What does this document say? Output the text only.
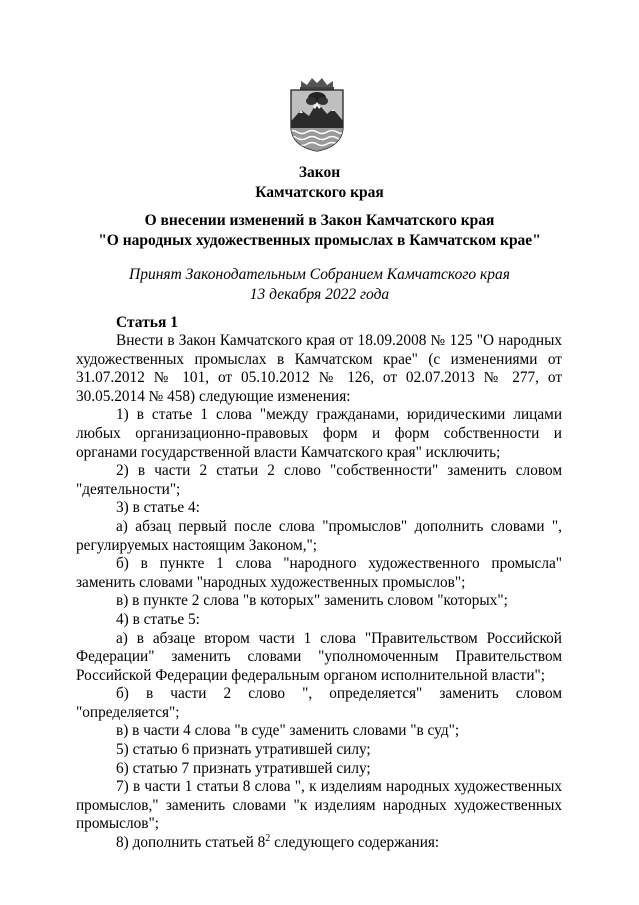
Закон
Камчатского края
О внесении изменений в Закон Камчатского края
"О народных художественных промыслах в Камчатском крае"
Принят Законодательным Собранием Камчатского края
13 декабря 2022 года
Статья 1

Внести в Закон Камчатского края от 18.09.2008 № 125 "О народных художественных промыслах в Камчатском крае" (с изменениями от 31.07.2012 № 101, от 05.10.2012 № 126, от 02.07.2013 № 277, от 30.05.2014 № 458) следующие изменения:

1) в статье 1 слова "между гражданами, юридическими лицами любых организационно-правовых форм и форм собственности и органами государственной власти Камчатского края" исключить;

2) в части 2 статьи 2 слово "собственности" заменить словом "деятельности";

3) в статье 4:

а) абзац первый после слова "промыслов" дополнить словами ", регулируемых настоящим Законом,";

б) в пункте 1 слова "народного художественного промысла" заменить словами "народных художественных промыслов";

в) в пункте 2 слова "в которых" заменить словом "которых";

4) в статье 5:

а) в абзаце втором части 1 слова "Правительством Российской Федерации" заменить словами "уполномоченным Правительством Российской Федерации федеральным органом исполнительной власти";

б) в части 2 слово ", определяется" заменить словом "определяется";

в) в части 4 слова "в суде" заменить словами "в суд";

5) статью 6 признать утратившей силу;

6) статью 7 признать утратившей силу;

7) в части 1 статьи 8 слова ", к изделиям народных художественных промыслов," заменить словами "к изделиям народных художественных промыслов";

8) дополнить статьей $8^2$ следующего содержания:
